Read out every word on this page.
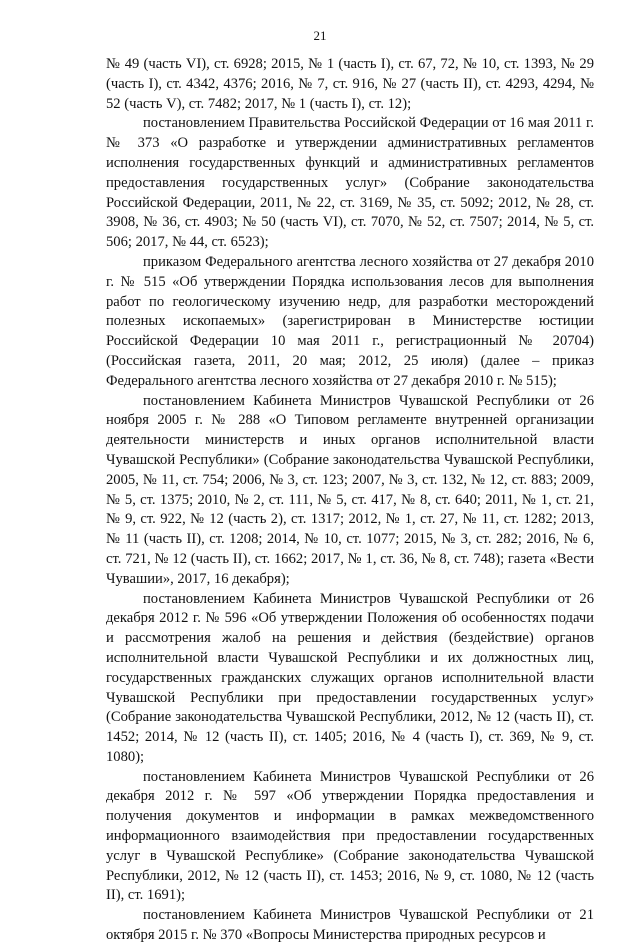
21

№ 49 (часть VI), ст. 6928; 2015, № 1 (часть I), ст. 67, 72, № 10, ст. 1393, № 29 (часть I), ст. 4342, 4376; 2016, № 7, ст. 916, № 27 (часть II), ст. 4293, 4294, № 52 (часть V), ст. 7482; 2017, № 1 (часть I), ст. 12);

постановлением Правительства Российской Федерации от 16 мая 2011 г. № 373 «О разработке и утверждении административных регламентов исполнения государственных функций и административных регламентов предоставления государственных услуг» (Собрание законодательства Российской Федерации, 2011, № 22, ст. 3169, № 35, ст. 5092; 2012, № 28, ст. 3908, № 36, ст. 4903; № 50 (часть VI), ст. 7070, № 52, ст. 7507; 2014, № 5, ст. 506; 2017, № 44, ст. 6523);

приказом Федерального агентства лесного хозяйства от 27 декабря 2010 г. № 515 «Об утверждении Порядка использования лесов для выполнения работ по геологическому изучению недр, для разработки месторождений полезных ископаемых» (зарегистрирован в Министерстве юстиции Российской Федерации 10 мая 2011 г., регистрационный № 20704) (Российская газета, 2011, 20 мая; 2012, 25 июля) (далее – приказ Федерального агентства лесного хозяйства от 27 декабря 2010 г. № 515);

постановлением Кабинета Министров Чувашской Республики от 26 ноября 2005 г. № 288 «О Типовом регламенте внутренней организации деятельности министерств и иных органов исполнительной власти Чувашской Республики» (Собрание законодательства Чувашской Республики, 2005, № 11, ст. 754; 2006, № 3, ст. 123; 2007, № 3, ст. 132, № 12, ст. 883; 2009, № 5, ст. 1375; 2010, № 2, ст. 111, № 5, ст. 417, № 8, ст. 640; 2011, № 1, ст. 21, № 9, ст. 922, № 12 (часть 2), ст. 1317; 2012, № 1, ст. 27, № 11, ст. 1282; 2013, № 11 (часть II), ст. 1208; 2014, № 10, ст. 1077; 2015, № 3, ст. 282; 2016, № 6, ст. 721, № 12 (часть II), ст. 1662; 2017, № 1, ст. 36, № 8, ст. 748); газета «Вести Чувашии», 2017, 16 декабря);

постановлением Кабинета Министров Чувашской Республики от 26 декабря 2012 г. № 596 «Об утверждении Положения об особенностях подачи и рассмотрения жалоб на решения и действия (бездействие) органов исполнительной власти Чувашской Республики и их должностных лиц, государственных гражданских служащих органов исполнительной власти Чувашской Республики при предоставлении государственных услуг» (Собрание законодательства Чувашской Республики, 2012, № 12 (часть II), ст. 1452; 2014, № 12 (часть II), ст. 1405; 2016, № 4 (часть I), ст. 369, № 9, ст. 1080);

постановлением Кабинета Министров Чувашской Республики от 26 декабря 2012 г. № 597 «Об утверждении Порядка предоставления и получения документов и информации в рамках межведомственного информационного взаимодействия при предоставлении государственных услуг в Чувашской Республике» (Собрание законодательства Чувашской Республики, 2012, № 12 (часть II), ст. 1453; 2016, № 9, ст. 1080, № 12 (часть II), ст. 1691);

постановлением Кабинета Министров Чувашской Республики от 21 октября 2015 г. № 370 «Вопросы Министерства природных ресурсов и
